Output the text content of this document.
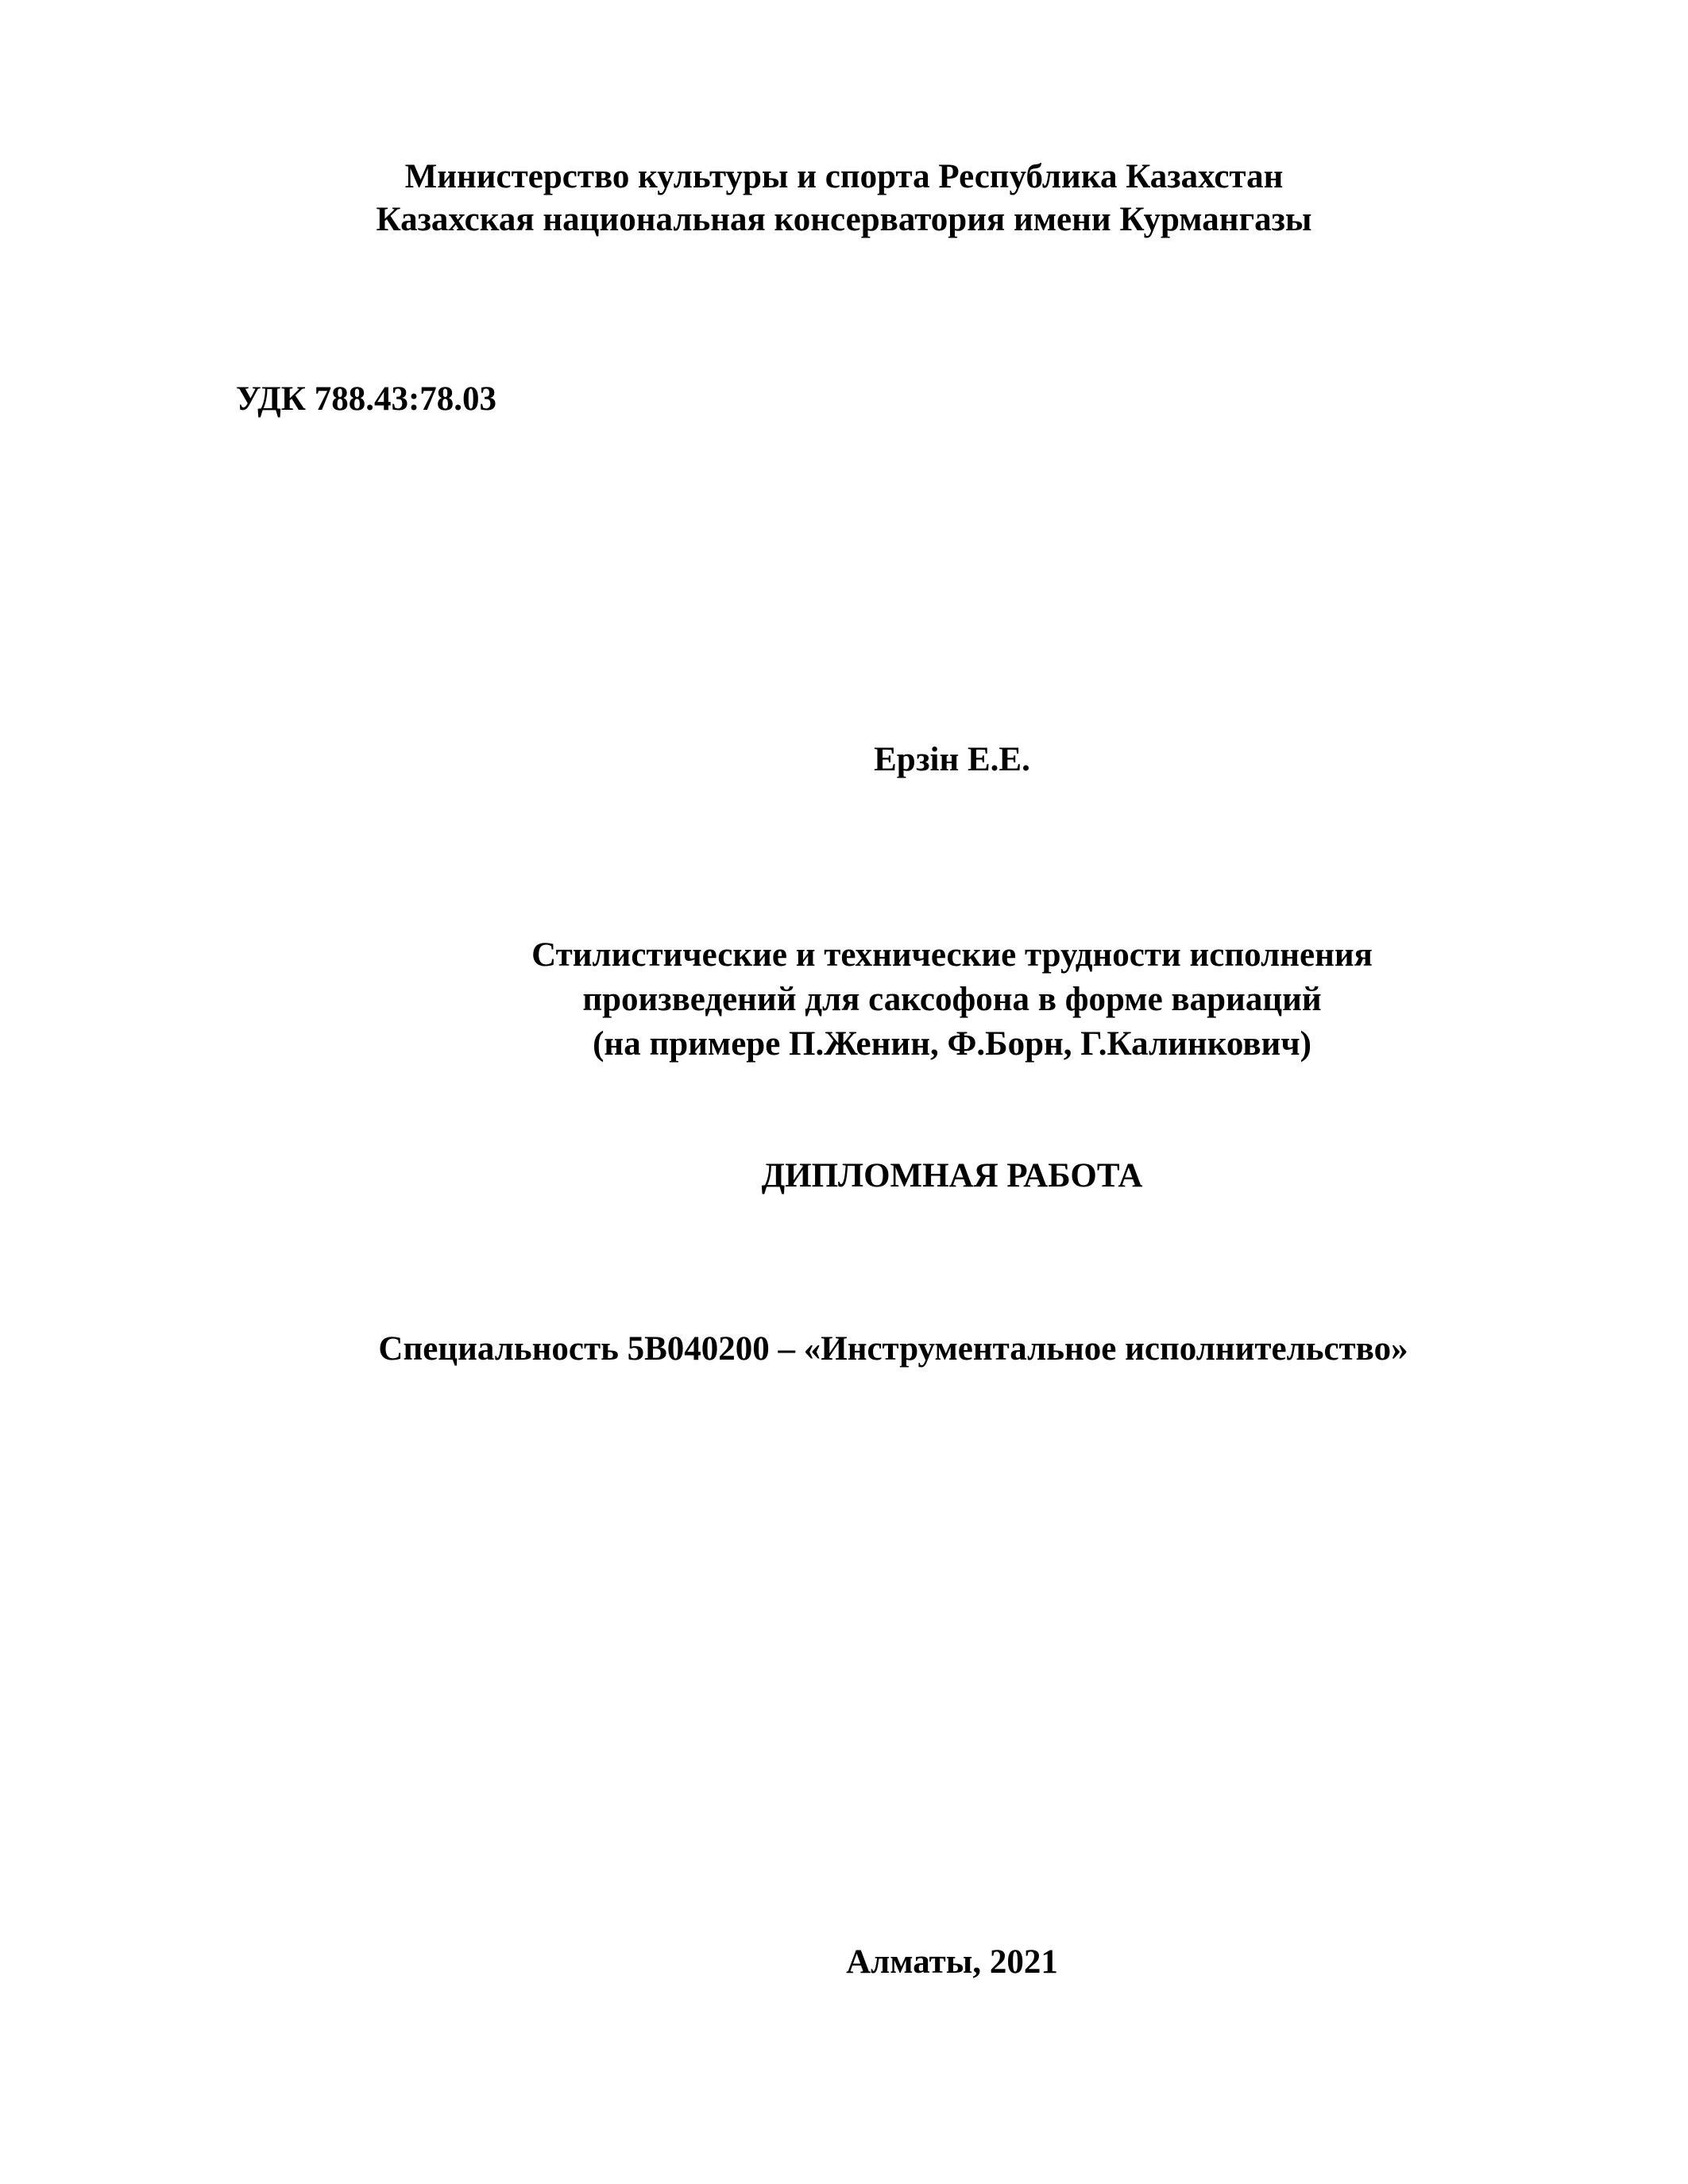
Министерство культуры и спорта Республика Казахстан
Казахская национальная консерватория имени Курмангазы
УДК 788.43:78.03
Ерзін Е.Е.
Стилистические и технические трудности исполнения
произведений для саксофона в форме вариаций
(на примере П.Женин, Ф.Борн, Г.Калинкович)
ДИПЛОМНАЯ РАБОТА
Специальность 5В040200 – «Инструментальное исполнительство»
Алматы, 2021
